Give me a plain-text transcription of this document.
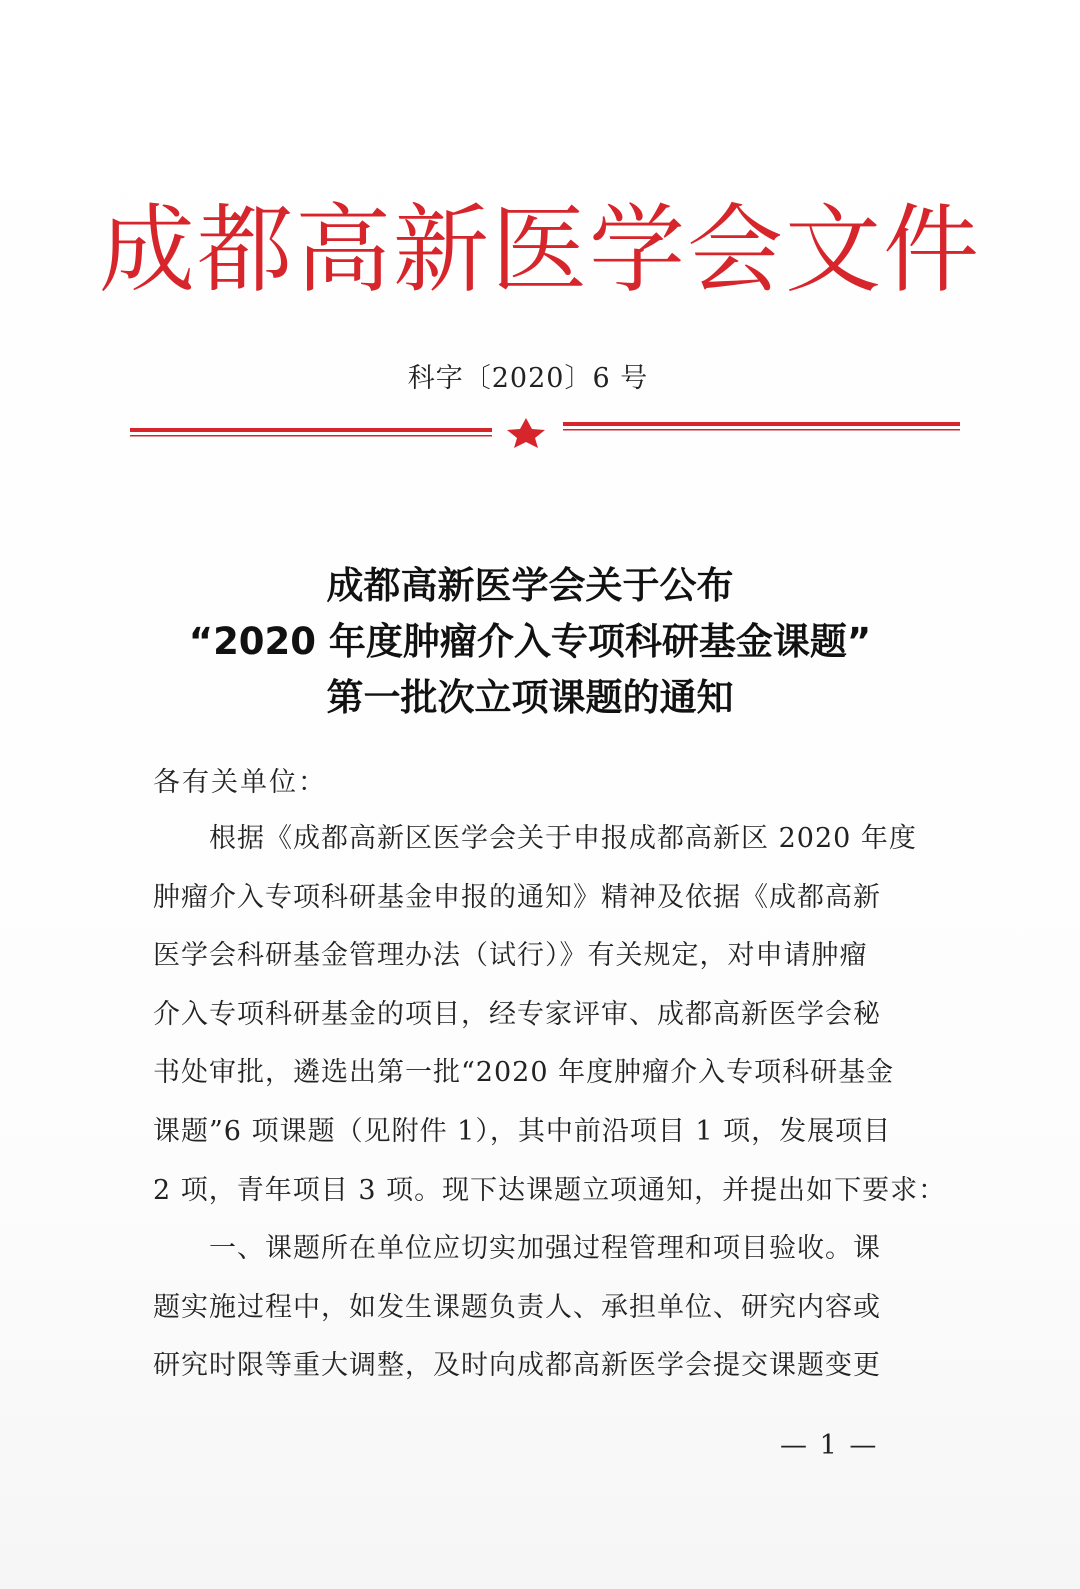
成都高新医学会文件
科字〔2020〕6 号
成都高新医学会关于公布
“2020 年度肿瘤介入专项科研基金课题”
第一批次立项课题的通知
各有关单位：
　　根据《成都高新区医学会关于申报成都高新区 2020 年度
肿瘤介入专项科研基金申报的通知》精神及依据《成都高新
医学会科研基金管理办法（试行）》有关规定，对申请肿瘤
介入专项科研基金的项目，经专家评审、成都高新医学会秘
书处审批，遴选出第一批“2020 年度肿瘤介入专项科研基金
课题”6 项课题（见附件 1），其中前沿项目 1 项，发展项目
2 项，青年项目 3 项。现下达课题立项通知，并提出如下要求：
　　一、课题所在单位应切实加强过程管理和项目验收。课
题实施过程中，如发生课题负责人、承担单位、研究内容或
研究时限等重大调整，及时向成都高新医学会提交课题变更
— 1 —
